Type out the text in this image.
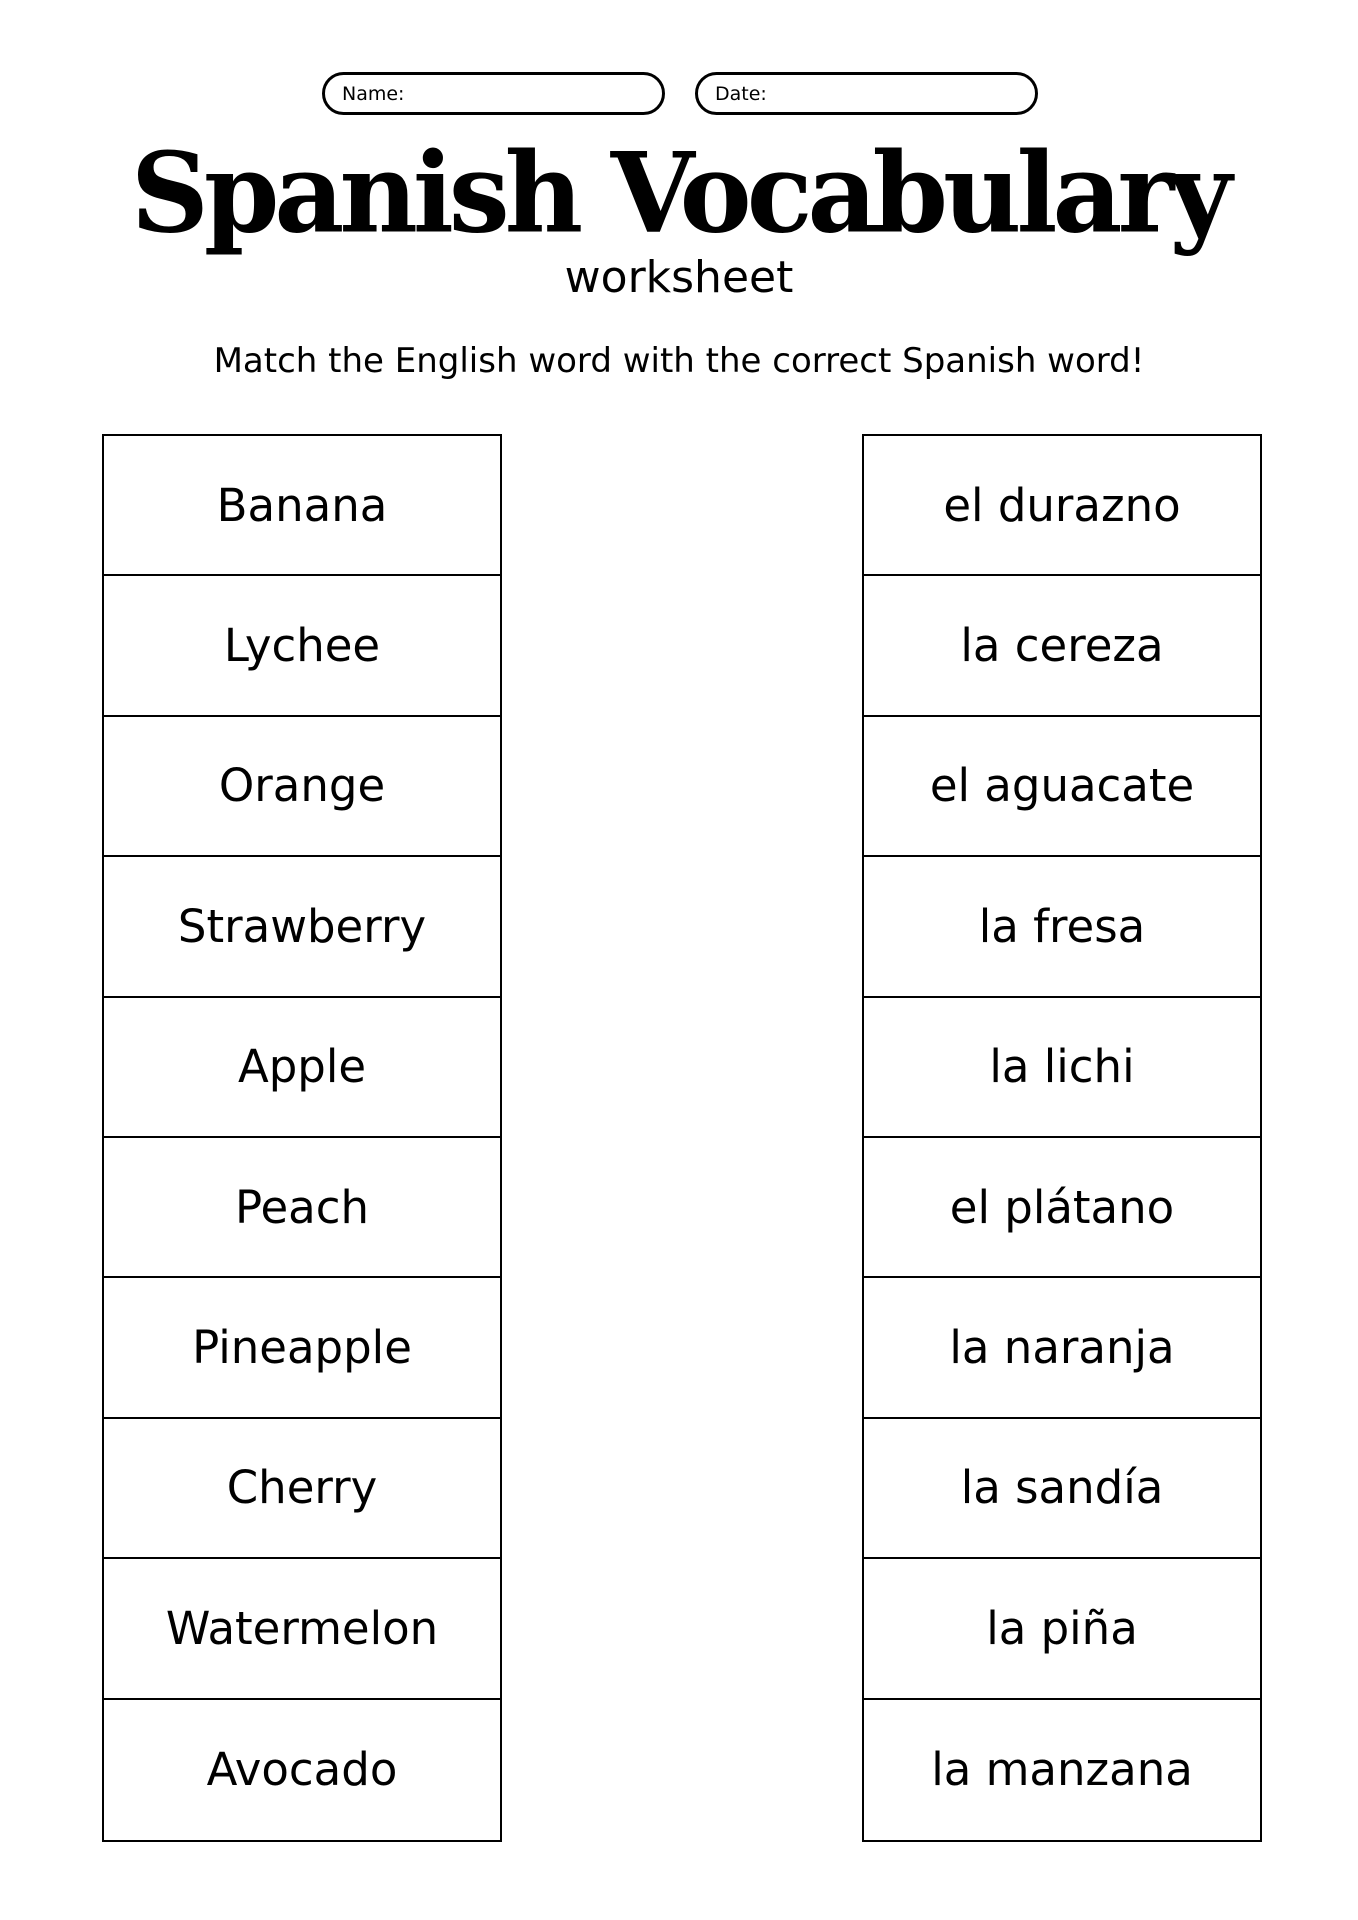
Name:	Date:
Spanish Vocabulary
worksheet
Match the English word with the correct Spanish word!
Banana
Lychee
Orange
Strawberry
Apple
Peach
Pineapple
Cherry
Watermelon
Avocado
el durazno
la cereza
el aguacate
la fresa
la lichi
el plátano
la naranja
la sandía
la piña
la manzana
